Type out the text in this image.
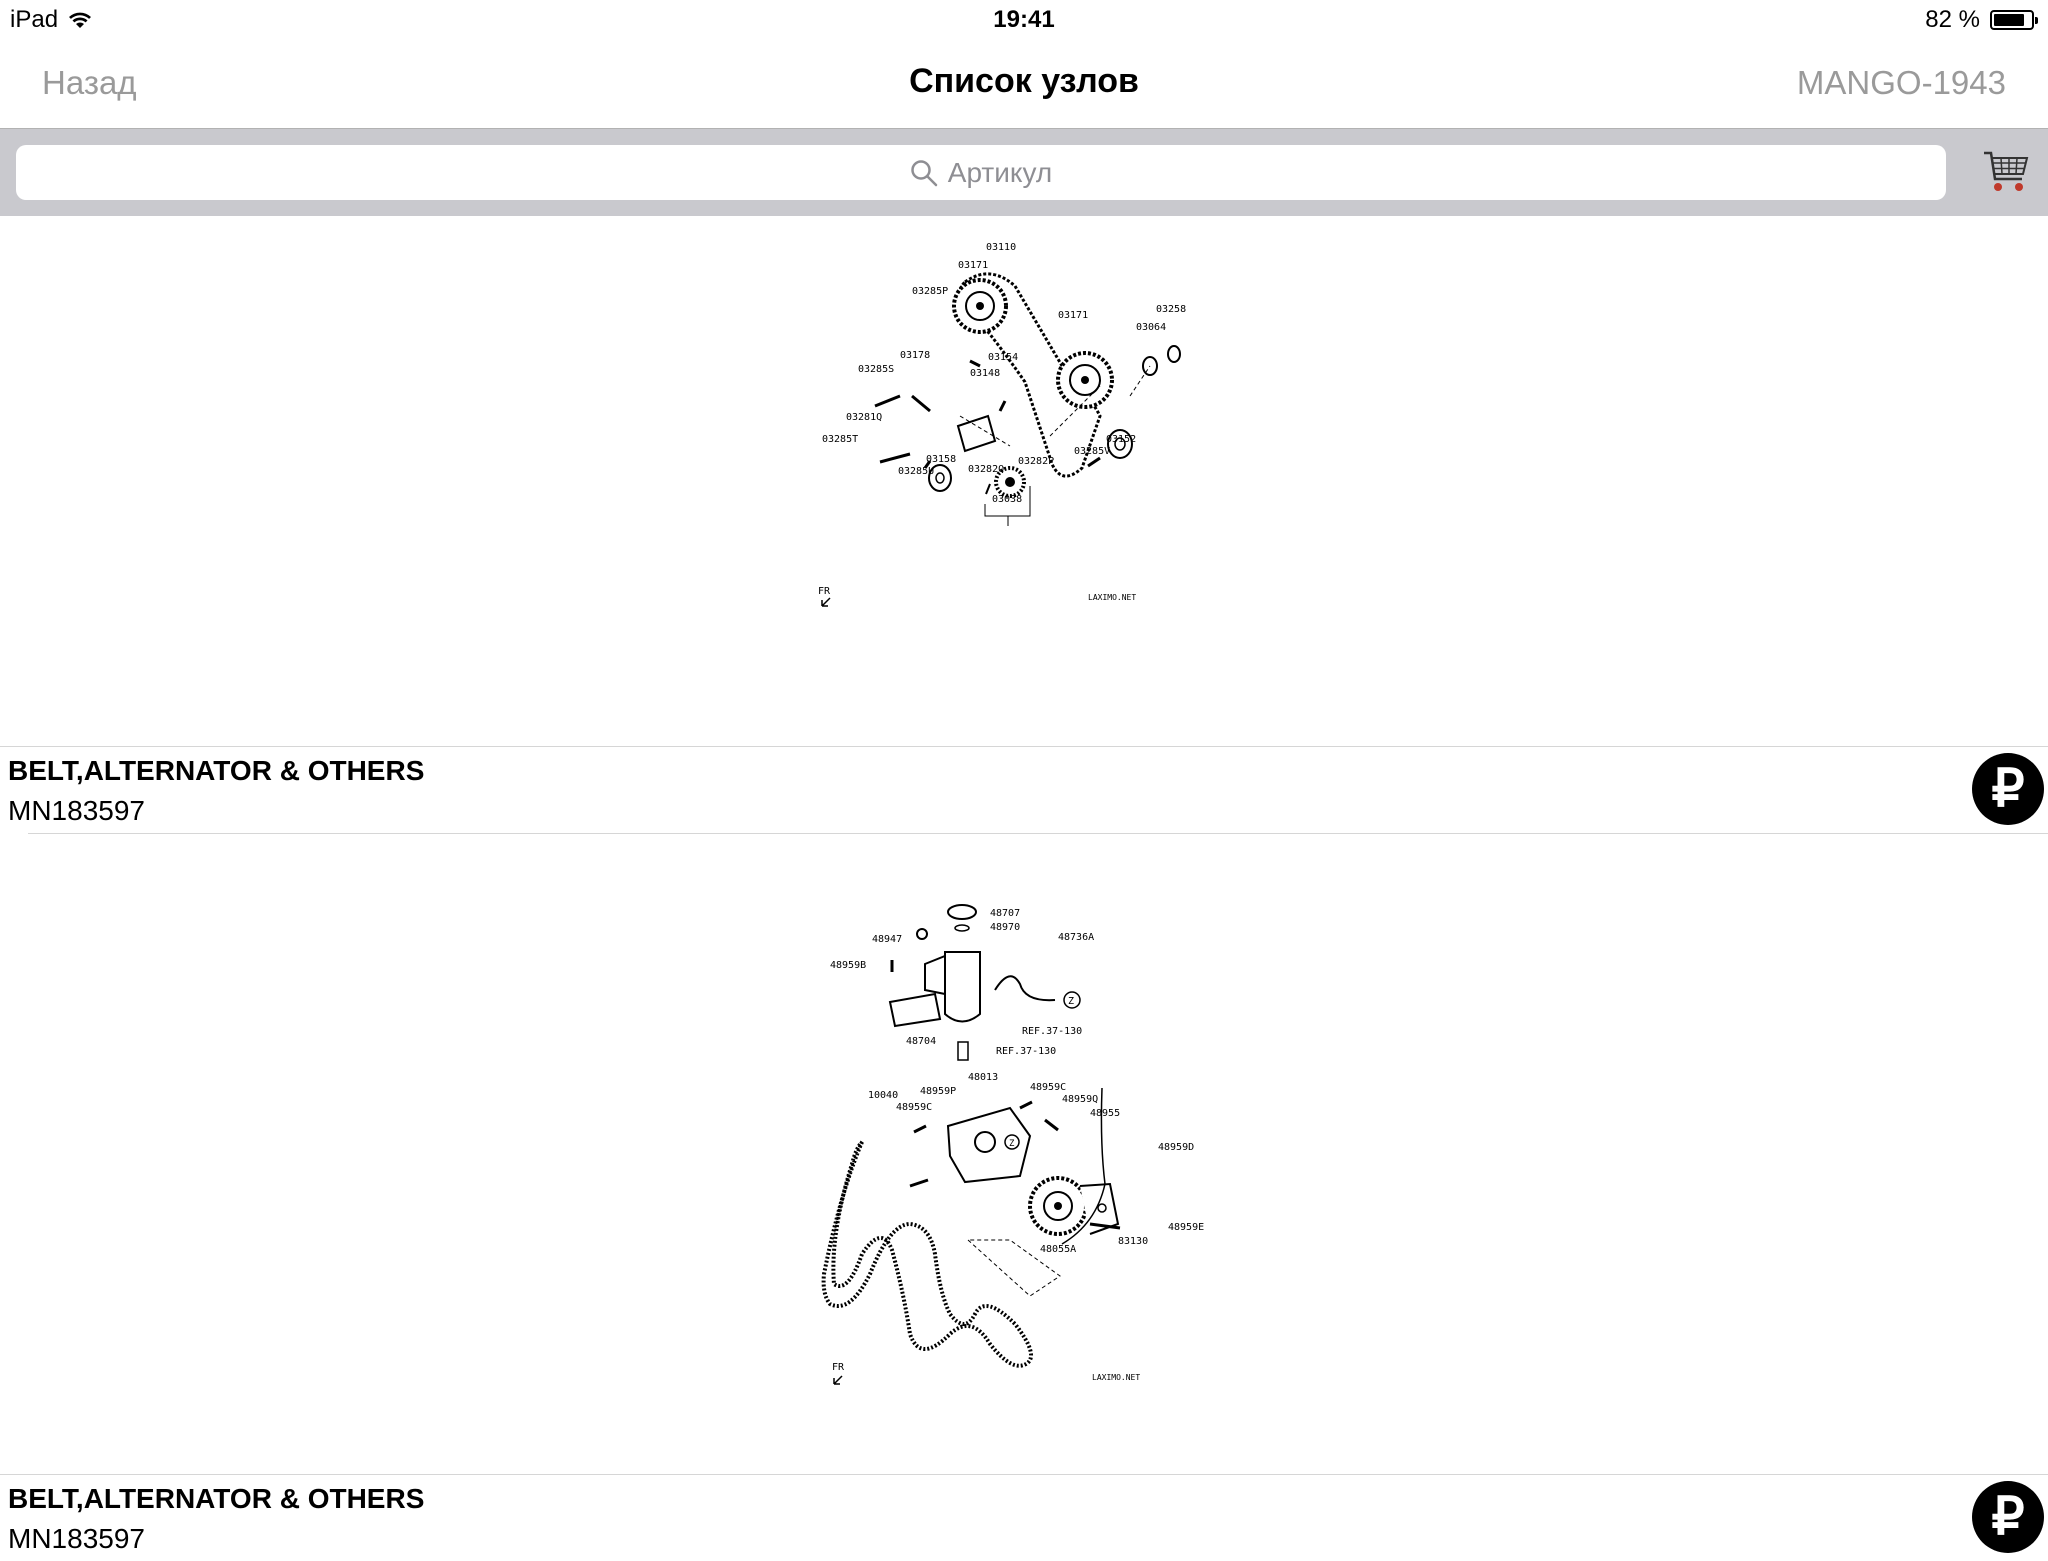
iPad	19:41	82 %
Назад	Список узлов	MANGO-1943
Артикул
03110
03171
03285P
03171
03258
03064
03178	03154
03285S	03148
03281Q
03285T
03158
03285U	03282Q
03282P
03152
03285V
03038
FR
LAXIMO.NET
BELT,ALTERNATOR & OTHERS
MN183597	₽
Z
Z
48707
48970
48736A
48947
48959B
48704
REF.37-130
REF.37-130
48013
10040 48959P
48959C
48959C
48959Q
48955
48959D
48959E
83130
48055A
FR
LAXIMO.NET
BELT,ALTERNATOR & OTHERS
MN183597	₽
